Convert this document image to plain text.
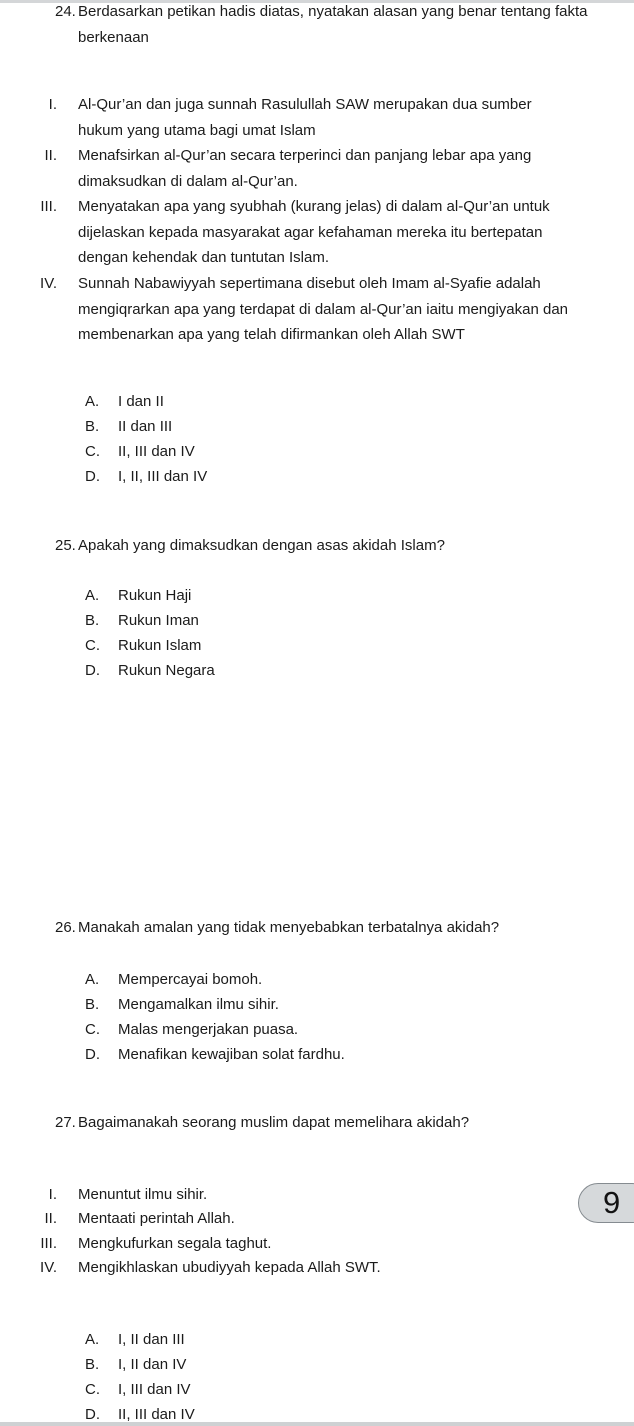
24. Berdasarkan petikan hadis diatas, nyatakan alasan yang benar tentang fakta berkenaan
I. Al-Qur’an dan juga sunnah Rasulullah SAW merupakan dua sumber    hukum yang utama bagi umat Islam
II. Menafsirkan al-Qur’an secara terperinci dan panjang lebar apa yang dimaksudkan di dalam al-Qur’an.
III. Menyatakan apa yang syubhah (kurang jelas) di dalam al-Qur’an untuk dijelaskan kepada masyarakat agar kefahaman mereka itu bertepatan dengan kehendak dan tuntutan Islam.
IV. Sunnah Nabawiyyah sepertimana disebut oleh Imam al-Syafie adalah mengiqrarkan apa yang terdapat di dalam al-Qur’an iaitu mengiyakan dan membenarkan apa yang telah difirmankan oleh Allah SWT
A.	I dan II
B.	II dan III
C.	II, III dan IV
D.	I, II, III dan IV
25. Apakah yang dimaksudkan dengan asas akidah Islam?
A.	Rukun Haji
B.	Rukun Iman
C.	Rukun Islam
D.	Rukun Negara
26. Manakah amalan yang tidak menyebabkan terbatalnya akidah?
A.	Mempercayai bomoh.
B.	Mengamalkan ilmu sihir.
C.	Malas mengerjakan puasa.
D.	Menafikan kewajiban solat fardhu.
27. Bagaimanakah seorang muslim dapat memelihara akidah?
I. Menuntut ilmu sihir.
II. Mentaati perintah Allah.
III. Mengkufurkan segala taghut.
IV. Mengikhlaskan ubudiyyah kepada Allah SWT.
A.	I, II dan III
B.	I, II dan IV
C.	I, III dan IV
D.	II, III dan IV
9
